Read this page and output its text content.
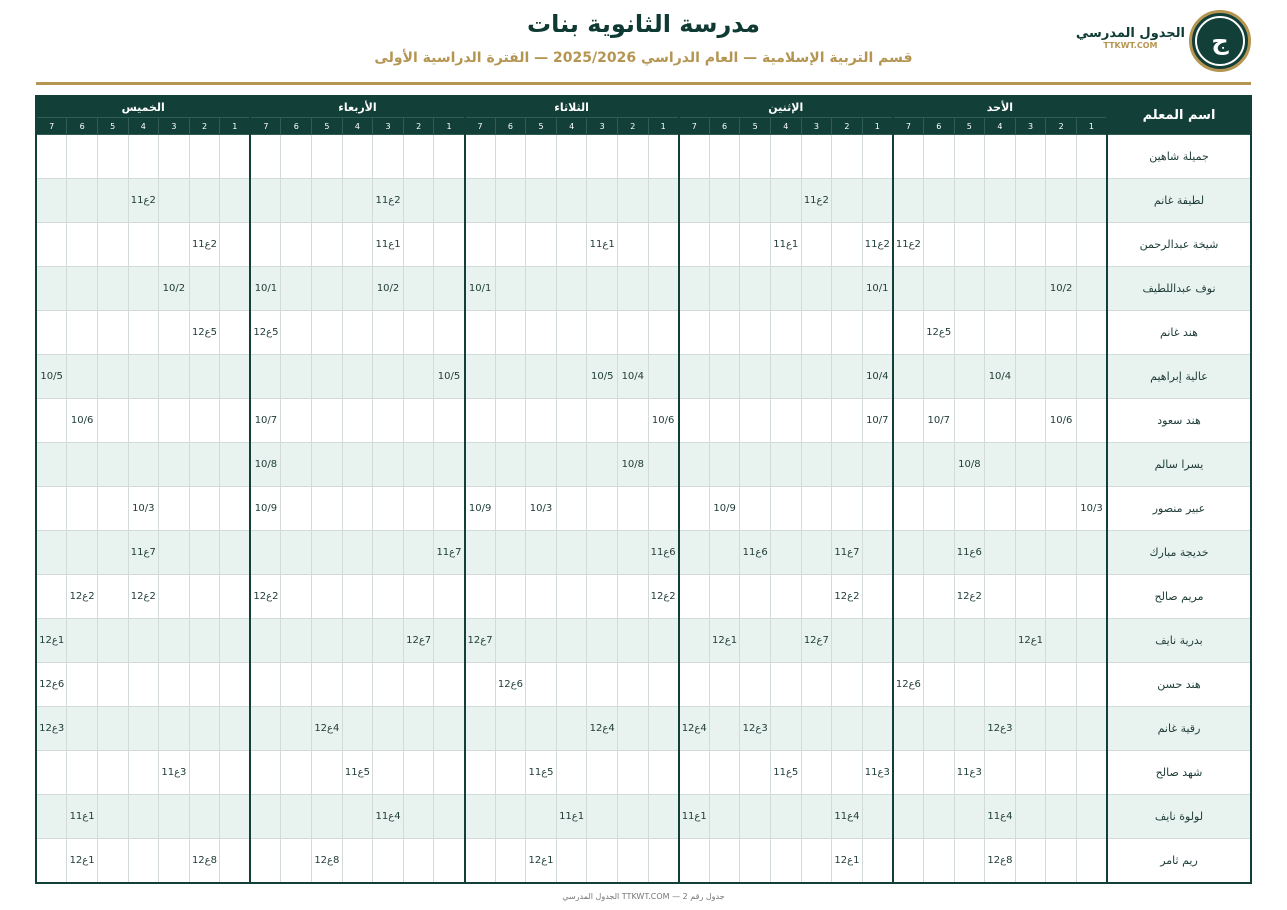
مدرسة الثانوية بنات
قسم التربية الإسلامية — العام الدراسي 2025/2026 — الفترة الدراسية الأولى
ج
الجدول المدرسي
TTKWT.COM
اسم المعلم	الأحد							الإثنين							الثلاثاء							الأربعاء							الخميس						
	1	2	3	4	5	6	7	1	2	3	4	5	6	7	1	2	3	4	5	6	7	1	2	3	4	5	6	7	1	2	3	4	5	6	7
جميلة شاهين																																			
لطيفة غانم										2ع11														2ع11								2ع11			
شيخة عبدالرحمن							2ع11	2ع11			1ع11						1ع11							1ع11						2ع11					
نوف عبداللطيف		10/2						10/1													10/1			10/2				10/1			10/2				
هند غانم						5ع12																						5ع12		5ع12					
عالية إبراهيم				10/4				10/4								10/4	10/5					10/5													10/5
هند سعود		10/6				10/7		10/7							10/6													10/7						10/6	
يسرا سالم					10/8											10/8												10/8							
عبير منصور	10/3												10/9						10/3		10/9							10/9				10/3			
خديجة مبارك					6ع11				7ع11			6ع11			6ع11							7ع11										7ع11			
مريم صالح					2ع12				2ع12						2ع12													2ع12				2ع12		2ع12	
بدرية نايف			1ع12							7ع12			1ع12								7ع12		7ع12												1ع12
هند حسن							6ع12													6ع12															6ع12
رقية غانم				3ع12								3ع12		4ع12			4ع12									4ع12									3ع12
شهد صالح					3ع11			3ع11			5ع11								5ع11						5ع11						3ع11				
لولوة نايف				4ع11					4ع11					1ع11				1ع11						4ع11										1ع11	
ريم ثامر				8ع12					1ع12										1ع12							8ع12				8ع12				1ع12	
الجدول المدرسي TTKWT.COM — جدول رقم 2
